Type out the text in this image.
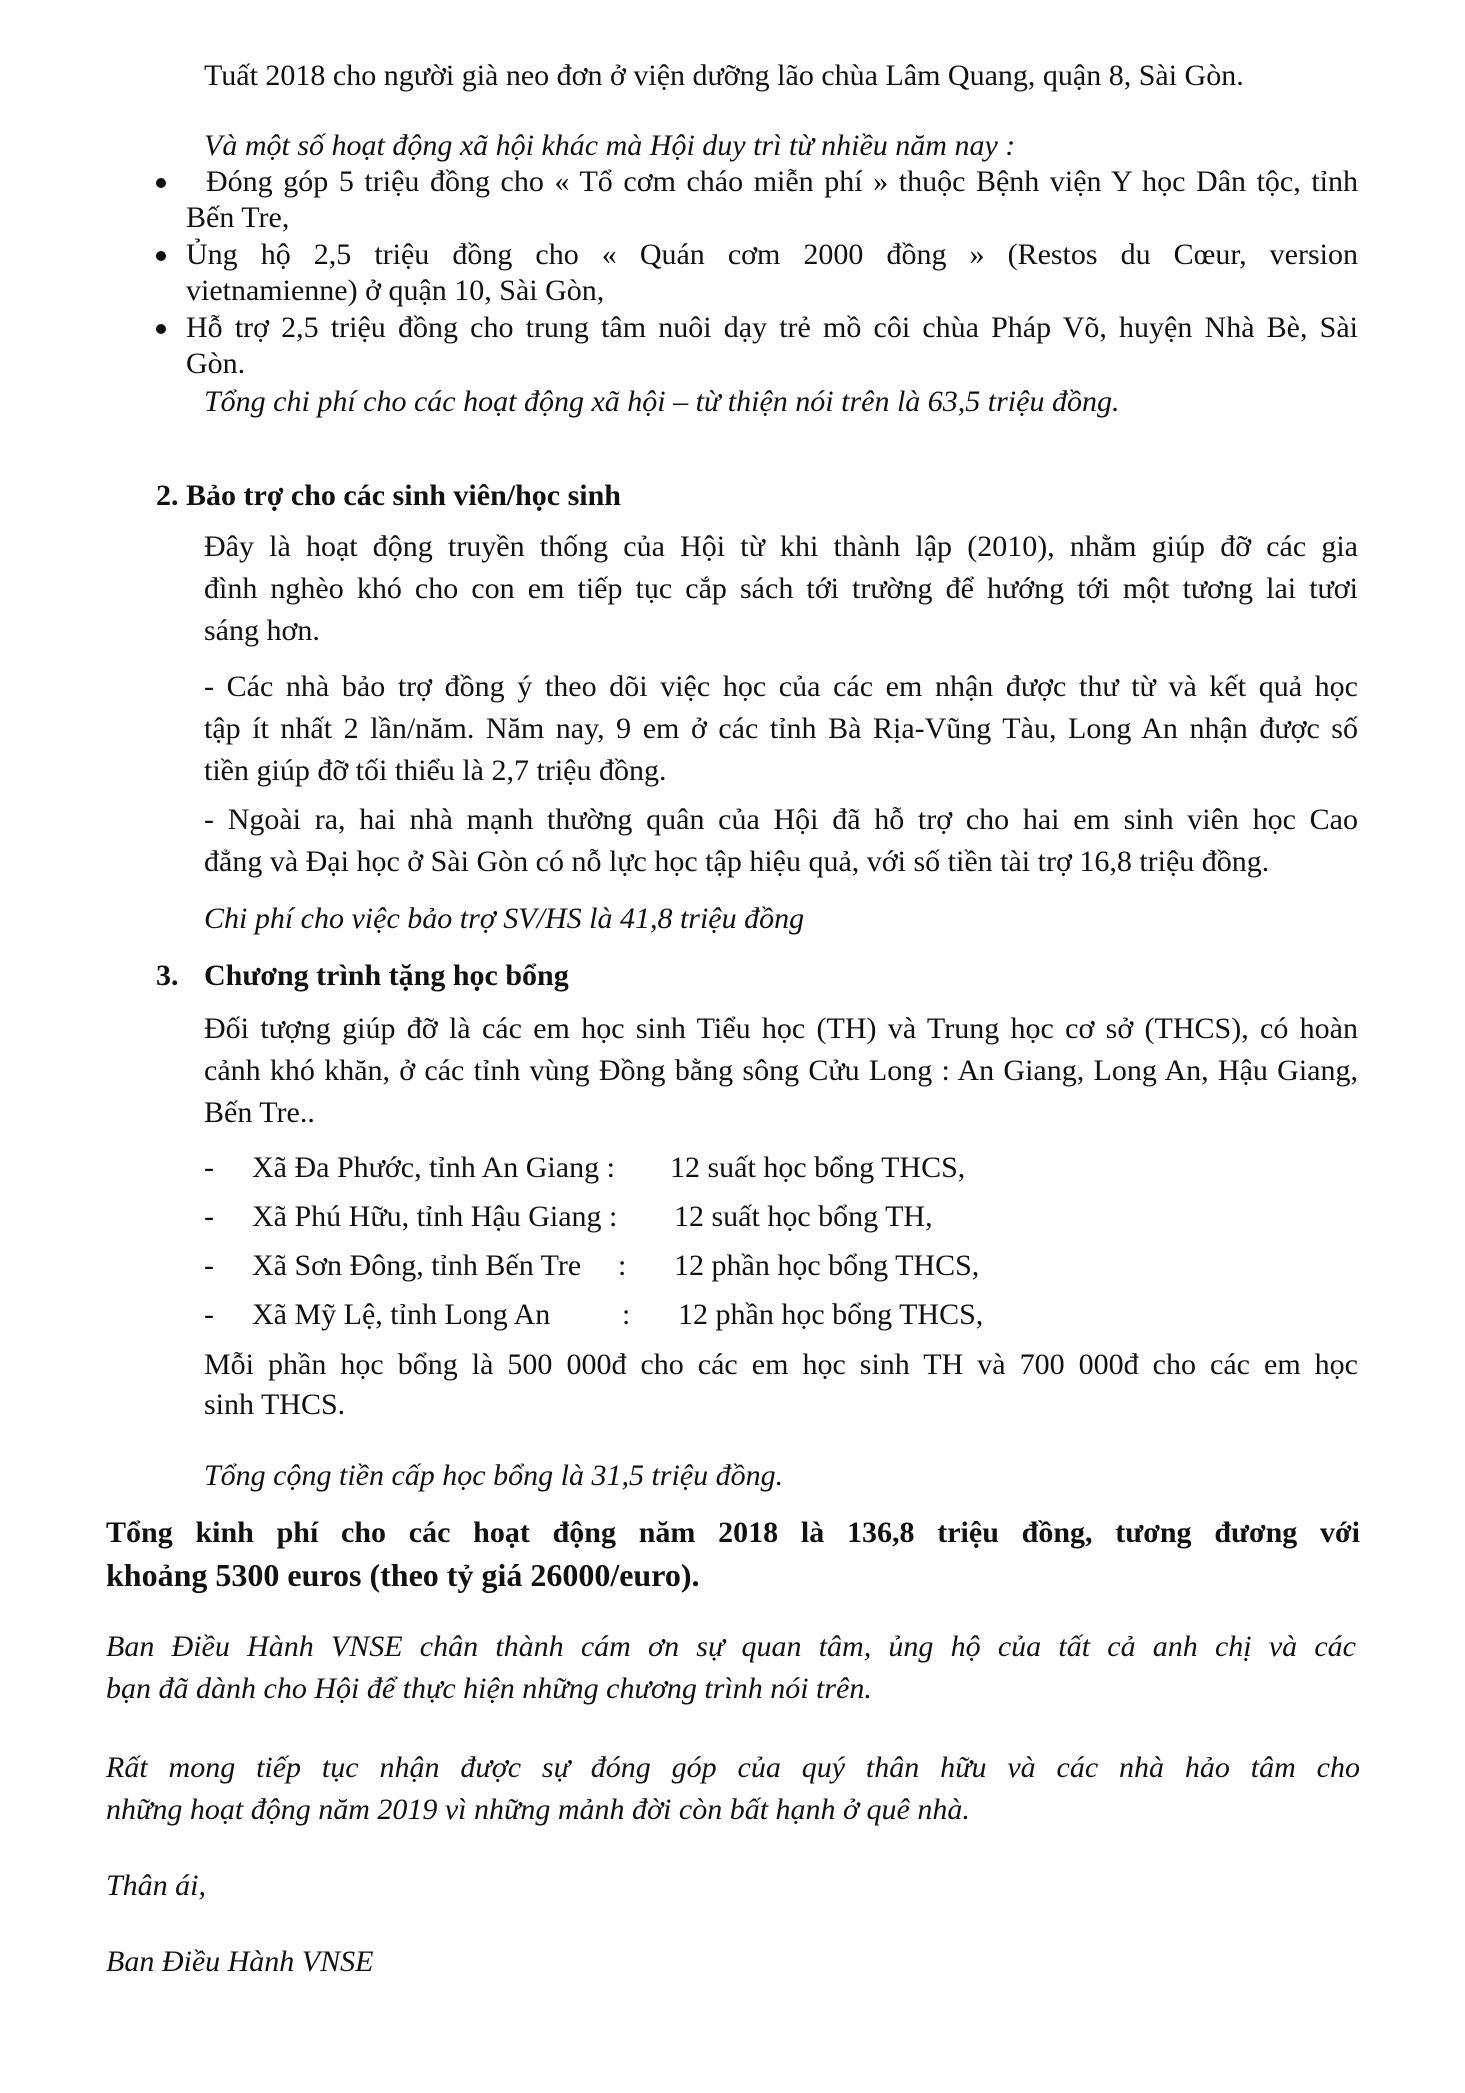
Tuất 2018 cho người già neo đơn ở viện dưỡng lão chùa Lâm Quang, quận 8, Sài Gòn.
Và một số hoạt động xã hội khác mà Hội duy trì từ nhiều năm nay :
Đóng góp 5 triệu đồng cho « Tổ cơm cháo miễn phí » thuộc Bệnh viện Y học Dân tộc, tỉnh
Bến Tre,
Ủng hộ 2,5 triệu đồng cho « Quán cơm 2000 đồng » (Restos du Cœur, version
vietnamienne) ở quận 10, Sài Gòn,
Hỗ trợ 2,5 triệu đồng cho trung tâm nuôi dạy trẻ mồ côi chùa Pháp Võ, huyện Nhà Bè, Sài
Gòn.
Tổng chi phí cho các hoạt động xã hội – từ thiện nói trên là 63,5 triệu đồng.
2. Bảo trợ cho các sinh viên/học sinh
Đây là hoạt động truyền thống của Hội từ khi thành lập (2010), nhằm giúp đỡ các gia
đình nghèo khó cho con em tiếp tục cắp sách tới trường để hướng tới một tương lai tươi
sáng hơn.
- Các nhà bảo trợ đồng ý theo dõi việc học của các em nhận được thư từ và kết quả học
tập ít nhất 2 lần/năm. Năm nay, 9 em ở các tỉnh Bà Rịa-Vũng Tàu, Long An nhận được số
tiền giúp đỡ tối thiểu là 2,7 triệu đồng.
- Ngoài ra, hai nhà mạnh thường quân của Hội đã hỗ trợ cho hai em sinh viên học Cao
đẳng và Đại học ở Sài Gòn có nỗ lực học tập hiệu quả, với số tiền tài trợ 16,8 triệu đồng.
Chi phí cho việc bảo trợ SV/HS là 41,8 triệu đồng
3. Chương trình tặng học bổng
Đối tượng giúp đỡ là các em học sinh Tiểu học (TH) và Trung học cơ sở (THCS), có hoàn
cảnh khó khăn, ở các tỉnh vùng Đồng bằng sông Cửu Long : An Giang, Long An, Hậu Giang,
Bến Tre..
- Xã Đa Phước, tỉnh An Giang : 12 suất học bổng THCS,
- Xã Phú Hữu, tỉnh Hậu Giang : 12 suất học bổng TH,
- Xã Sơn Đông, tỉnh Bến Tre : 12 phần học bổng THCS,
- Xã Mỹ Lệ, tỉnh Long An : 12 phần học bổng THCS,
Mỗi phần học bổng là 500 000đ cho các em học sinh TH và 700 000đ cho các em học
sinh THCS.
Tổng cộng tiền cấp học bổng là 31,5 triệu đồng.
Tổng kinh phí cho các hoạt động năm 2018 là 136,8 triệu đồng, tương đương với
khoảng 5300 euros (theo tỷ giá 26000/euro).
Ban Điều Hành VNSE chân thành cám ơn sự quan tâm, ủng hộ của tất cả anh chị và các
bạn đã dành cho Hội để thực hiện những chương trình nói trên.
Rất mong tiếp tục nhận được sự đóng góp của quý thân hữu và các nhà hảo tâm cho
những hoạt động năm 2019 vì những mảnh đời còn bất hạnh ở quê nhà.
Thân ái,
Ban Điều Hành VNSE
